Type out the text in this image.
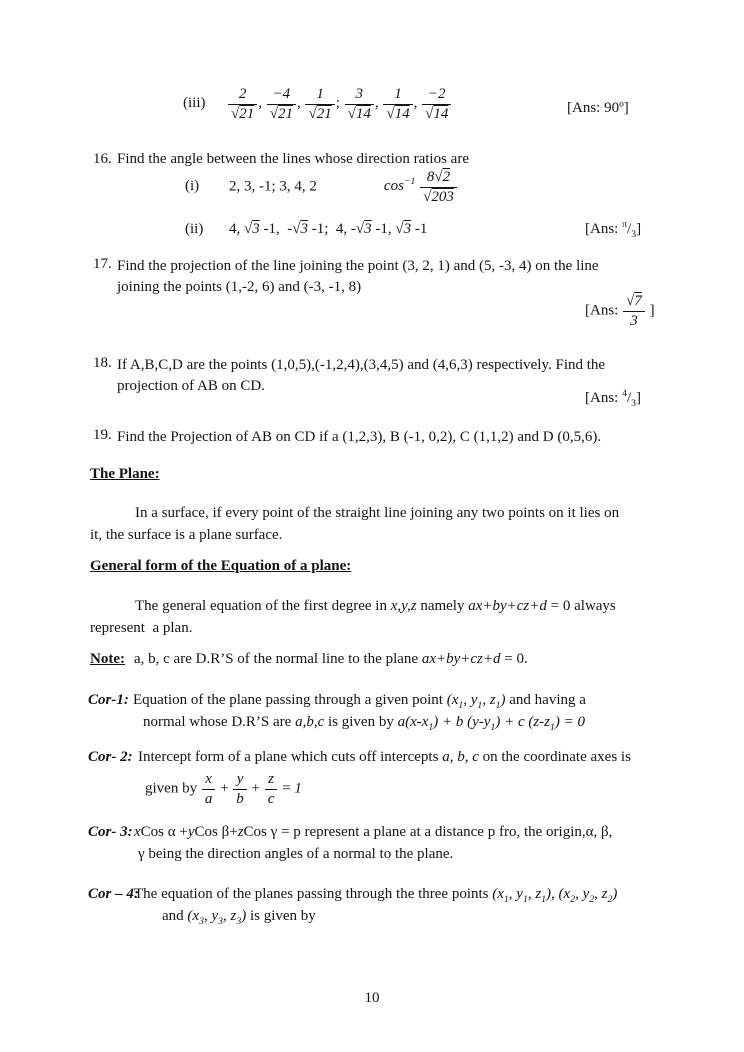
$(iii) \frac{2}{√21}$ , $\frac{-4}{√21}$ , $\frac{1}{√21}$ ; $\frac{3}{√14}$ , $\frac{1}{√14}$ , $\frac{-2}{√14}$	[Ans: 90º]
16. Find the angle between the lines whose direction ratios are
(i) 2, 3, -1; 3, 4, 2	$\cos^{-1} \frac{8√2}{√203}$
(ii) 4, √3 -1,  -√3 -1;  4, -√3 -1, √3 -1	[Ans: $^\pi/_3$]
17. Find the projection of the line joining the point (3, 2, 1) and (5, -3, 4) on the line
joining the points (1,-2, 6) and (-3, -1, 8)
[Ans: $\frac{√7}{3}$ ]
18. If A,B,C,D are the points (1,0,5),(-1,2,4),(3,4,5) and (4,6,3) respectively. Find the
projection of AB on CD.
[Ans: $^4/_3$]
19. Find the Projection of AB on CD if a (1,2,3), B (-1, 0,2), C (1,1,2) and D (0,5,6).
The Plane:
In a surface, if every point of the straight line joining any two points on it lies on
it, the surface is a plane surface.
General form of the Equation of a plane:
The general equation of the first degree in x,y,z namely ax+by+cz+d = 0 always
represent  a plan.
Note: a, b, c are D.R’S of the normal line to the plane ax+by+cz+d = 0.
Cor-1: Equation of the plane passing through a given point ($x_1$, $y_1$, $z_1$) and having a
normal whose D.R’S are a,b,c is given by $a(x-x_1) + b$ $(y-y_1) + c$ $(z-z_1) = 0$
Cor- 2: Intercept form of a plane which cuts off intercepts a, b, c on the coordinate axes is
given by $\frac{x}{a} + \frac{y}{b} + \frac{z}{c} = 1$
Cor- 3: xCos α +yCos β+zCos γ = p represent a plane at a distance p fro, the origin,α, β,
γ being the direction angles of a normal to the plane.
Cor – 4:
The equation of the planes passing through the three points ($x_1$, $y_1$, $z_1$), ($x_2$, $y_2$, $z_2$)
and ($x_3$, $y_3$, $z_3$) is given by
10
